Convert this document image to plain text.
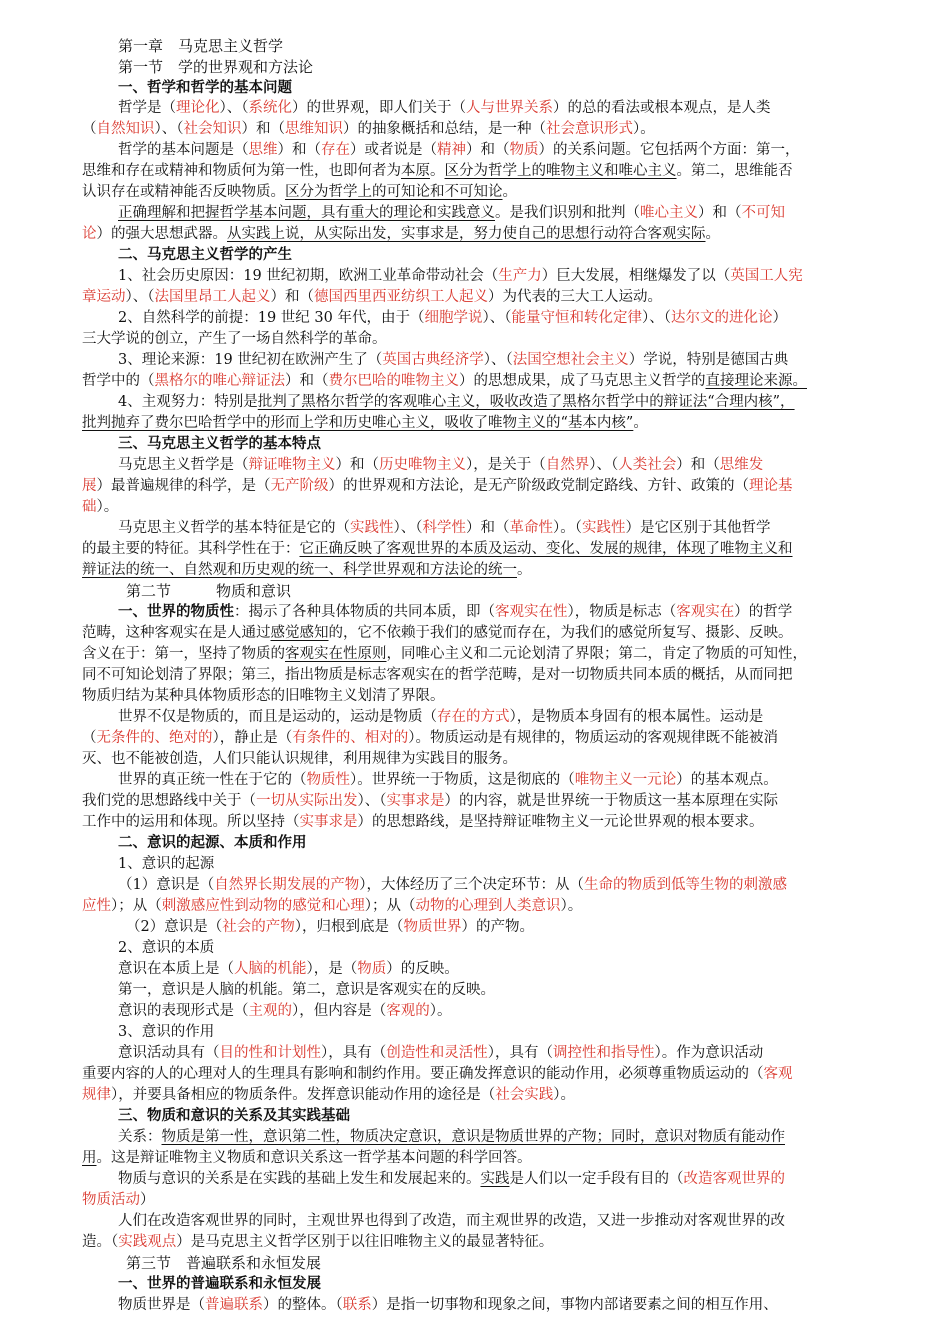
第一章　马克思主义哲学
第一节　学的世界观和方法论
一、哲学和哲学的基本问题
哲学是（理论化）、（系统化）的世界观，即人们关于（人与世界关系）的总的看法或根本观点，是人类
（自然知识）、（社会知识）和（思维知识）的抽象概括和总结，是一种（社会意识形式）。
哲学的基本问题是（思维）和（存在）或者说是（精神）和（物质）的关系问题。它包括两个方面：第一，
思维和存在或精神和物质何为第一性，也即何者为本原。区分为哲学上的唯物主义和唯心主义。第二，思维能否
认识存在或精神能否反映物质。区分为哲学上的可知论和不可知论。
正确理解和把握哲学基本问题，具有重大的理论和实践意义。是我们识别和批判（唯心主义）和（不可知
论）的强大思想武器。从实践上说，从实际出发，实事求是，努力使自己的思想行动符合客观实际。
二、马克思主义哲学的产生
1、社会历史原因：19 世纪初期，欧洲工业革命带动社会（生产力）巨大发展，相继爆发了以（英国工人宪
章运动）、（法国里昂工人起义）和（德国西里西亚纺织工人起义）为代表的三大工人运动。
2、自然科学的前提：19 世纪 30 年代，由于（细胞学说）、（能量守恒和转化定律）、（达尔文的进化论）
三大学说的创立，产生了一场自然科学的革命。
3、理论来源：19 世纪初在欧洲产生了（英国古典经济学）、（法国空想社会主义）学说，特别是德国古典
哲学中的（黑格尔的唯心辩证法）和（费尔巴哈的唯物主义）的思想成果，成了马克思主义哲学的直接理论来源。
4、主观努力：特别是批判了黑格尔哲学的客观唯心主义，吸收改造了黑格尔哲学中的辩证法“合理内核”，
批判抛弃了费尔巴哈哲学中的形而上学和历史唯心主义，吸收了唯物主义的“基本内核”。
三、马克思主义哲学的基本特点
马克思主义哲学是（辩证唯物主义）和（历史唯物主义），是关于（自然界）、（人类社会）和（思维发
展）最普遍规律的科学，是（无产阶级）的世界观和方法论，是无产阶级政党制定路线、方针、政策的（理论基
础）。
马克思主义哲学的基本特征是它的（实践性）、（科学性）和（革命性）。（实践性）是它区别于其他哲学
的最主要的特征。其科学性在于：它正确反映了客观世界的本质及运动、变化、发展的规律，体现了唯物主义和
辩证法的统一、自然观和历史观的统一、科学世界观和方法论的统一。
第二节　　　物质和意识
一、世界的物质性：揭示了各种具体物质的共同本质，即（客观实在性），物质是标志（客观实在）的哲学
范畴，这种客观实在是人通过感觉感知的，它不依赖于我们的感觉而存在，为我们的感觉所复写、摄影、反映。
含义在于：第一，坚持了物质的客观实在性原则，同唯心主义和二元论划清了界限；第二，肯定了物质的可知性，
同不可知论划清了界限；第三，指出物质是标志客观实在的哲学范畴，是对一切物质共同本质的概括，从而同把
物质归结为某种具体物质形态的旧唯物主义划清了界限。
世界不仅是物质的，而且是运动的，运动是物质（存在的方式），是物质本身固有的根本属性。运动是
（无条件的、绝对的），静止是（有条件的、相对的）。物质运动是有规律的，物质运动的客观规律既不能被消
灭、也不能被创造，人们只能认识规律，利用规律为实践目的服务。
世界的真正统一性在于它的（物质性）。世界统一于物质，这是彻底的（唯物主义一元论）的基本观点。
我们党的思想路线中关于（一切从实际出发）、（实事求是）的内容，就是世界统一于物质这一基本原理在实际
工作中的运用和体现。所以坚持（实事求是）的思想路线，是坚持辩证唯物主义一元论世界观的根本要求。
二、意识的起源、本质和作用
1、意识的起源
（1）意识是（自然界长期发展的产物），大体经历了三个决定环节：从（生命的物质到低等生物的刺激感
应性）；从（刺激感应性到动物的感觉和心理）；从（动物的心理到人类意识）。
（2）意识是（社会的产物），归根到底是（物质世界）的产物。
2、意识的本质
意识在本质上是（人脑的机能），是（物质）的反映。
第一，意识是人脑的机能。第二，意识是客观实在的反映。
意识的表现形式是（主观的），但内容是（客观的）。
3、意识的作用
意识活动具有（目的性和计划性），具有（创造性和灵活性），具有（调控性和指导性）。作为意识活动
重要内容的人的心理对人的生理具有影响和制约作用。要正确发挥意识的能动作用，必须尊重物质运动的（客观
规律），并要具备相应的物质条件。发挥意识能动作用的途径是（社会实践）。
三、物质和意识的关系及其实践基础
关系：物质是第一性，意识第二性，物质决定意识，意识是物质世界的产物；同时，意识对物质有能动作
用。这是辩证唯物主义物质和意识关系这一哲学基本问题的科学回答。
物质与意识的关系是在实践的基础上发生和发展起来的。实践是人们以一定手段有目的（改造客观世界的
物质活动）
人们在改造客观世界的同时，主观世界也得到了改造，而主观世界的改造，又进一步推动对客观世界的改
造。（实践观点）是马克思主义哲学区别于以往旧唯物主义的最显著特征。
第三节　普遍联系和永恒发展
一、世界的普遍联系和永恒发展
物质世界是（普遍联系）的整体。（联系）是指一切事物和现象之间，事物内部诸要素之间的相互作用、
